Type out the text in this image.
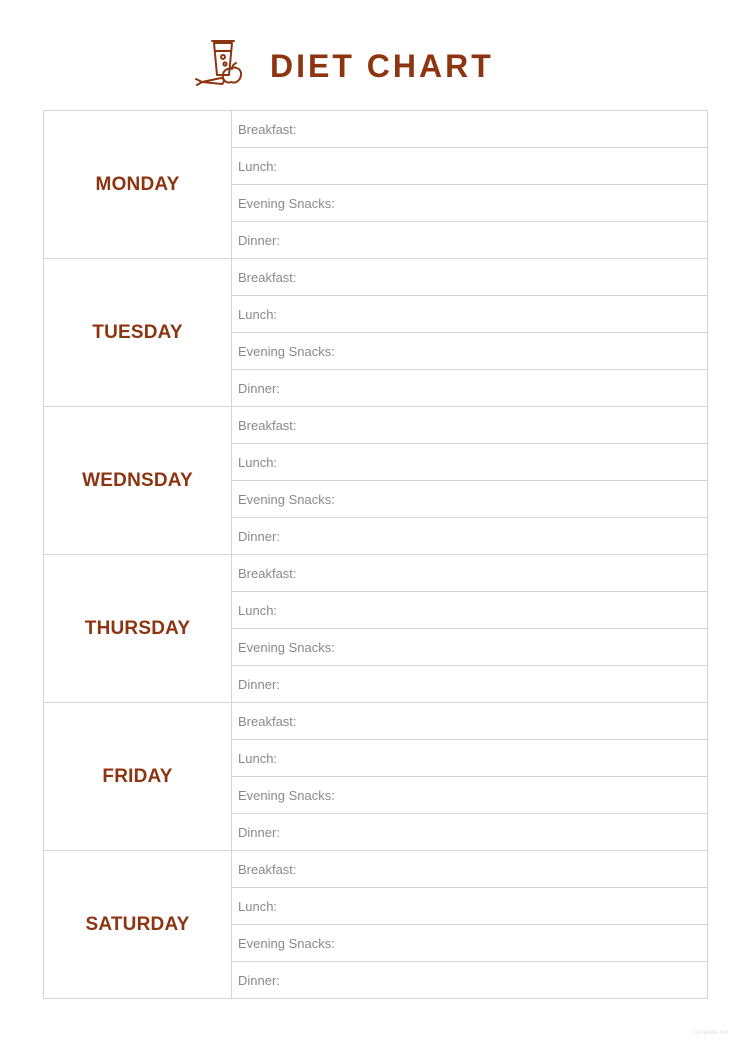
DIET CHART
MONDAY
Breakfast:
Lunch:
Evening Snacks:
Dinner:
TUESDAY
Breakfast:
Lunch:
Evening Snacks:
Dinner:
WEDNSDAY
Breakfast:
Lunch:
Evening Snacks:
Dinner:
THURSDAY
Breakfast:
Lunch:
Evening Snacks:
Dinner:
FRIDAY
Breakfast:
Lunch:
Evening Snacks:
Dinner:
SATURDAY
Breakfast:
Lunch:
Evening Snacks:
Dinner:
template.net
